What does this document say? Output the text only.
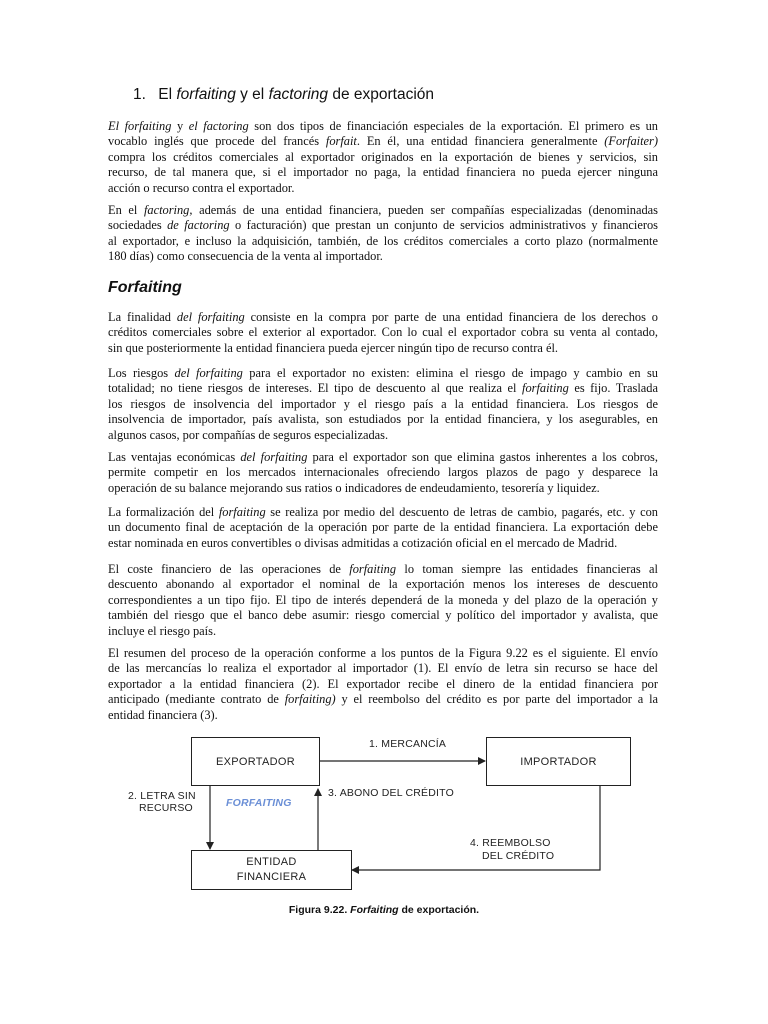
1. El forfaiting y el factoring de exportación

El forfaiting y el factoring son dos tipos de financiación especiales de la exportación. El primero es un
vocablo inglés que procede del francés forfait. En él, una entidad financiera generalmente (Forfaiter)
compra los créditos comerciales al exportador originados en la exportación de bienes y servicios, sin
recurso, de tal manera que, si el importador no paga, la entidad financiera no pueda ejercer ninguna
acción o recurso contra el exportador.

En el factoring, además de una entidad financiera, pueden ser compañías especializadas (denominadas
sociedades de factoring o facturación) que prestan un conjunto de servicios administrativos y financieros
al exportador, e incluso la adquisición, también, de los créditos comerciales a corto plazo (normalmente
180 días) como consecuencia de la venta al importador.

Forfaiting

La finalidad del forfaiting consiste en la compra por parte de una entidad financiera de los derechos o
créditos comerciales sobre el exterior al exportador. Con lo cual el exportador cobra su venta al contado,
sin que posteriormente la entidad financiera pueda ejercer ningún tipo de recurso contra él.

Los riesgos del forfaiting para el exportador no existen: elimina el riesgo de impago y cambio en su
totalidad; no tiene riesgos de intereses. El tipo de descuento al que realiza el forfaiting es fijo. Traslada
los riesgos de insolvencia del importador y el riesgo país a la entidad financiera. Los riesgos de
insolvencia de importador, país avalista, son estudiados por la entidad financiera, y los asegurables, en
algunos casos, por compañías de seguros especializadas.

Las ventajas económicas del forfaiting para el exportador son que elimina gastos inherentes a los cobros,
permite competir en los mercados internacionales ofreciendo largos plazos de pago y desparece la
operación de su balance mejorando sus ratios o indicadores de endeudamiento, tesorería y liquidez.

La formalización del forfaiting se realiza por medio del descuento de letras de cambio, pagarés, etc. y con
un documento final de aceptación de la operación por parte de la entidad financiera. La exportación debe
estar nominada en euros convertibles o divisas admitidas a cotización oficial en el mercado de Madrid.

El coste financiero de las operaciones de forfaiting lo toman siempre las entidades financieras al
descuento abonando al exportador el nominal de la exportación menos los intereses de descuento
correspondientes a un tipo fijo. El tipo de interés dependerá de la moneda y del plazo de la operación y
también del riesgo que el banco debe asumir: riesgo comercial y político del importador y avalista, que
incluye el riesgo país.

El resumen del proceso de la operación conforme a los puntos de la Figura 9.22 es el siguiente. El envío
de las mercancías lo realiza el exportador al importador (1). El envío de letra sin recurso se hace del
exportador a la entidad financiera (2). El exportador recibe el dinero de la entidad financiera por
anticipado (mediante contrato de forfaiting) y el reembolso del crédito es por parte del importador a la
entidad financiera (3).

EXPORTADOR	IMPORTADOR
ENTIDAD
FINANCIERA
1. MERCANCÍA
2. LETRA SIN
RECURSO	FORFAITING
3. ABONO DEL CRÉDITO
4. REEMBOLSO
DEL CRÉDITO
Figura 9.22. Forfaiting de exportación.
